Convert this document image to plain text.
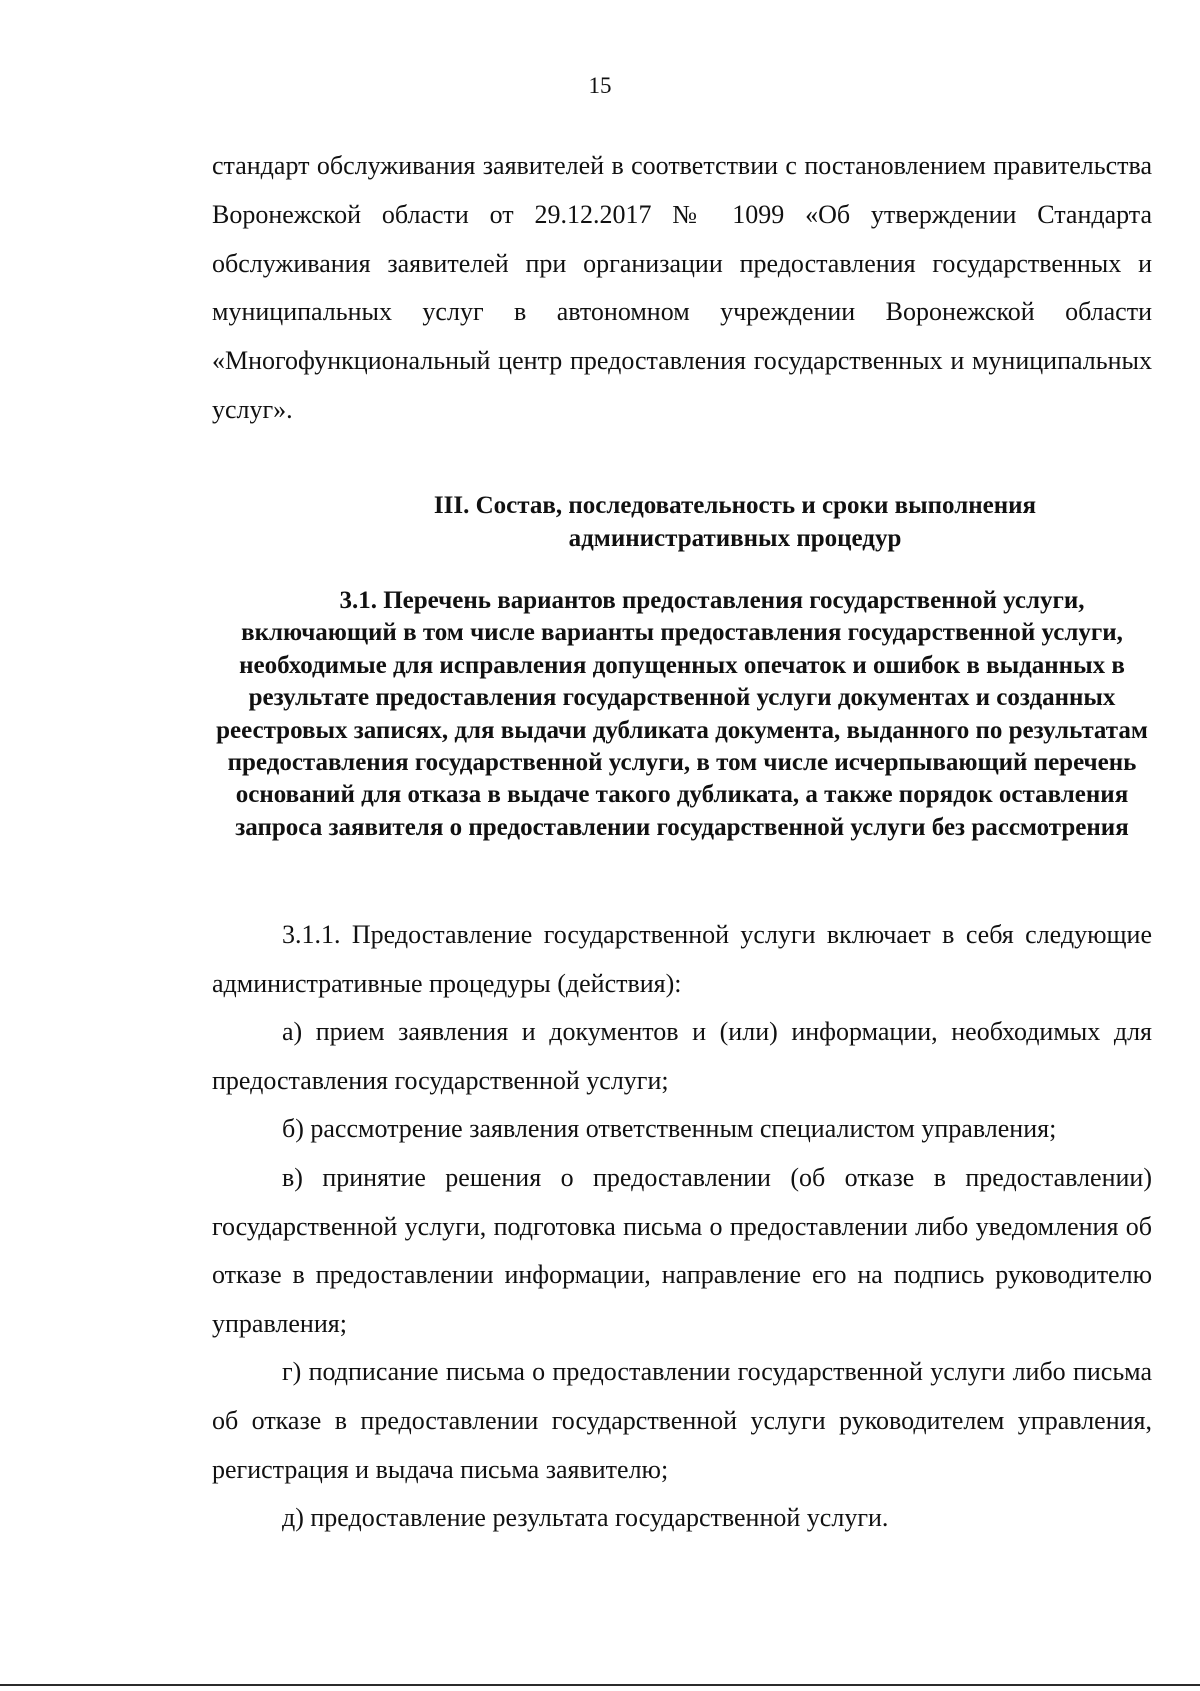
15

стандарт обслуживания заявителей в соответствии с постановлением правительства Воронежской области от 29.12.2017 № 1099 «Об утверждении Стандарта обслуживания заявителей при организации предоставления государственных и муниципальных услуг в автономном учреждении Воронежской области «Многофункциональный центр предоставления государственных и муниципальных услуг».

III. Состав, последовательность и сроки выполнения административных процедур
3.1. Перечень вариантов предоставления государственной услуги,
включающий в том числе варианты предоставления государственной услуги, необходимые для исправления допущенных опечаток и ошибок в выданных в результате предоставления государственной услуги документах и созданных реестровых записях, для выдачи дубликата документа, выданного по результатам предоставления государственной услуги, в том числе исчерпывающий перечень оснований для отказа в выдаче такого дубликата, а также порядок оставления запроса заявителя о предоставлении государственной услуги без рассмотрения

3.1.1. Предоставление государственной услуги включает в себя следующие административные процедуры (действия):

а) прием заявления и документов и (или) информации, необходимых для предоставления государственной услуги;

б) рассмотрение заявления ответственным специалистом управления;

в) принятие решения о предоставлении (об отказе в предоставлении) государственной услуги, подготовка письма о предоставлении либо уведомления об отказе в предоставлении информации, направление его на подпись руководителю управления;

г) подписание письма о предоставлении государственной услуги либо письма об отказе в предоставлении государственной услуги руководителем управления, регистрация и выдача письма заявителю;

д) предоставление результата государственной услуги.
